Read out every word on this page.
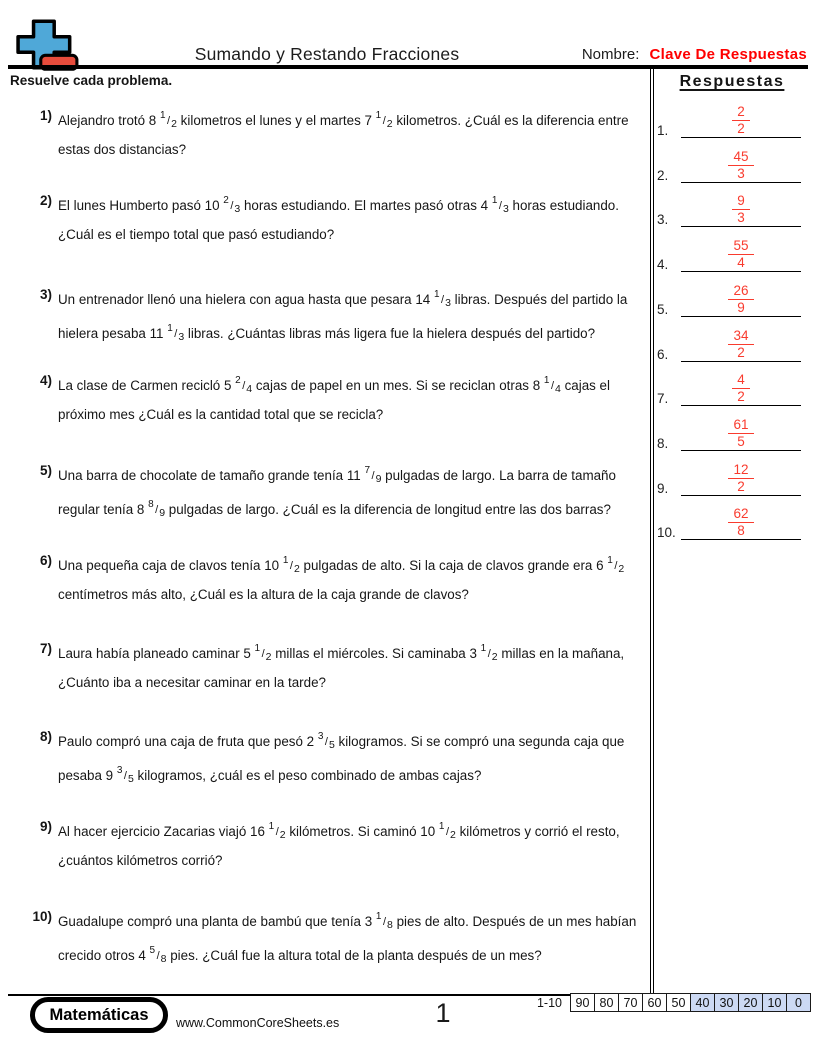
Sumando y Restando Fracciones	Nombre: Clave De Respuestas
Resuelve cada problema.
1) Alejandro trotó 8 $^1$ /2 kilometros el lunes y el martes 7 $^1$ /2 kilometros. ¿Cuál es la diferencia entre estas dos distancias?
2) El lunes Humberto pasó 10 $^2$ /3 horas estudiando. El martes pasó otras 4 $^1$ /3 horas estudiando. ¿Cuál es el tiempo total que pasó estudiando?
3) Un entrenador llenó una hielera con agua hasta que pesara 14 $^1$ /3 libras. Después del partido la hielera pesaba 11 $^1$ /3 libras. ¿Cuántas libras más ligera fue la hielera después del partido?
4) La clase de Carmen recicló 5 $^2$ /4 cajas de papel en un mes. Si se reciclan otras 8 $^1$ /4 cajas el próximo mes ¿Cuál es la cantidad total que se recicla?
5) Una barra de chocolate de tamaño grande tenía 11 $^7$ /9 pulgadas de largo. La barra de tamaño regular tenía 8 $^8$ /9 pulgadas de largo. ¿Cuál es la diferencia de longitud entre las dos barras?
6) Una pequeña caja de clavos tenía 10 $^1$ /2 pulgadas de alto. Si la caja de clavos grande era 6 $^1$ /2 centímetros más alto, ¿Cuál es la altura de la caja grande de clavos?
7) Laura había planeado caminar 5 $^1$ /2 millas el miércoles. Si caminaba 3 $^1$ /2 millas en la mañana, ¿Cuánto iba a necesitar caminar en la tarde?
8) Paulo compró una caja de fruta que pesó 2 $^3$ /5 kilogramos. Si se compró una segunda caja que pesaba 9 $^3$ /5 kilogramos, ¿cuál es el peso combinado de ambas cajas?
9) Al hacer ejercicio Zacarias viajó 16 $^1$ /2 kilómetros. Si caminó 10 $^1$ /2 kilómetros y corrió el resto, ¿cuántos kilómetros corrió?
10) Guadalupe compró una planta de bambú que tenía 3 $^1$ /8 pies de alto. Después de un mes habían crecido otros 4 $^5$ /8 pies. ¿Cuál fue la altura total de la planta después de un mes?
Respuestas
1.	$\frac{2}{2}$
2.	$\frac{45}{3}$
3.	$\frac{9}{3}$
4.	$\frac{55}{4}$
5.	$\frac{26}{9}$
6.	$\frac{34}{2}$
7.	$\frac{4}{2}$
8.	$\frac{61}{5}$
9.	$\frac{12}{2}$
10.	$\frac{62}{8}$
Matemáticas www.CommonCoreSheets.es	1	1-10	90 80 70 60 50 40 30 20 10	0
